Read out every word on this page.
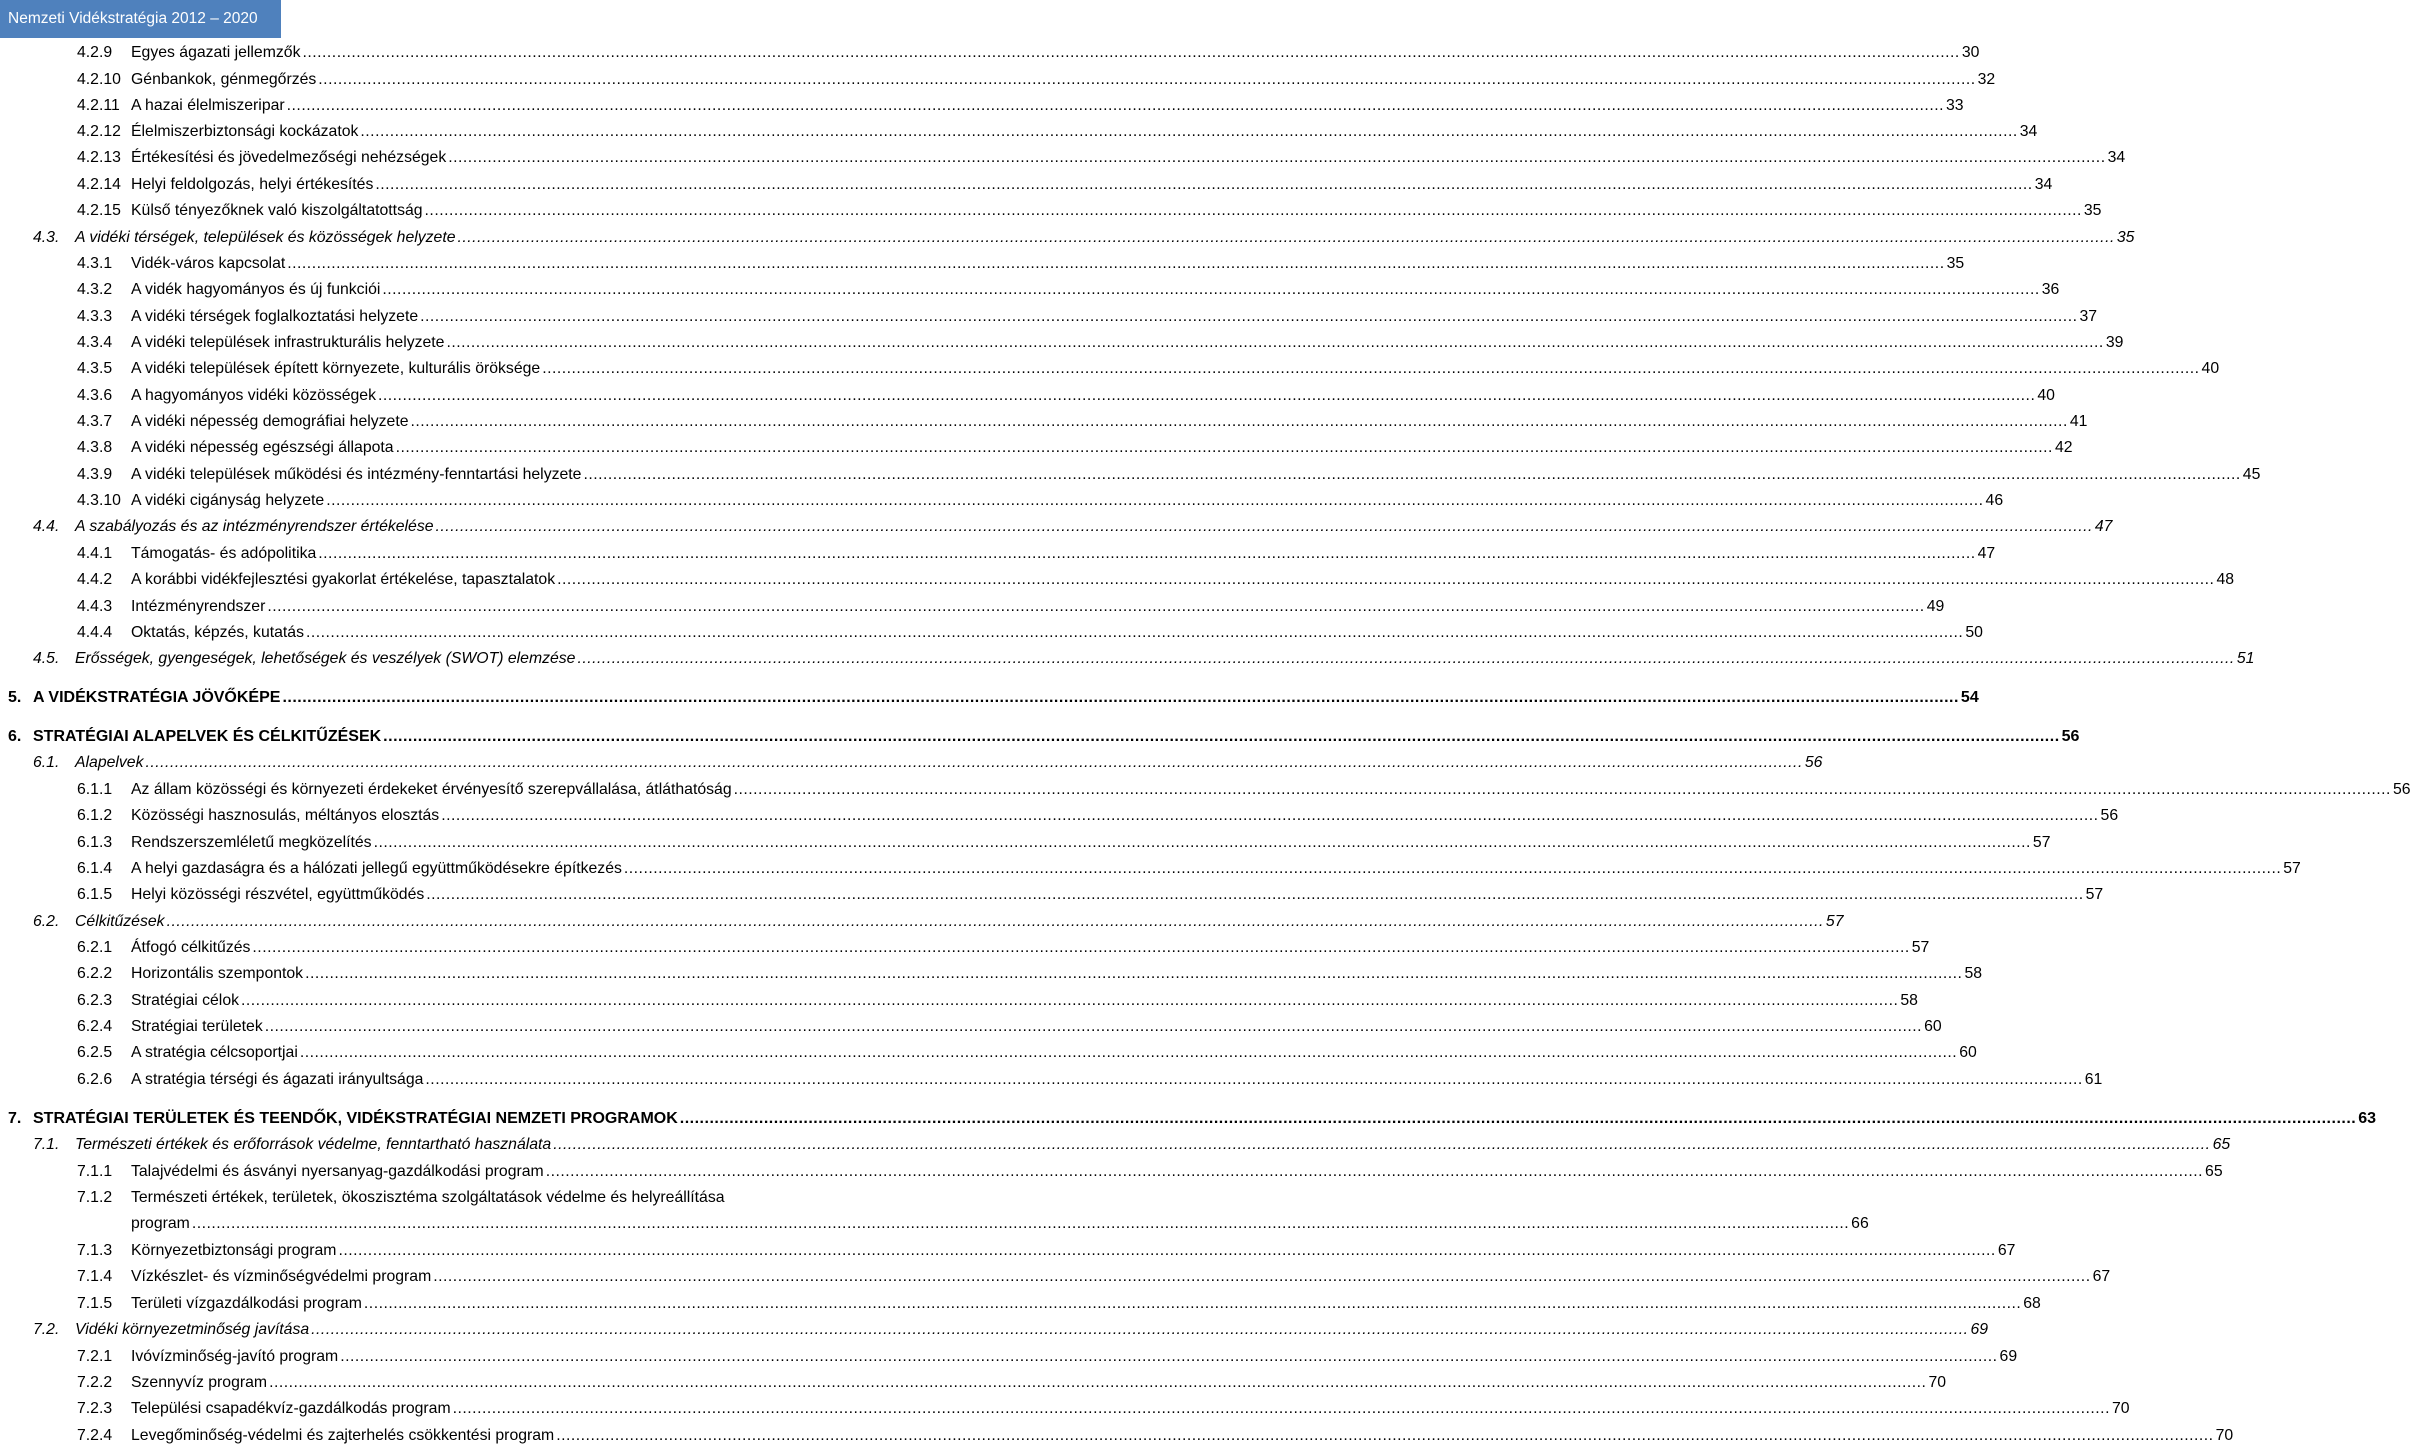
Nemzeti Vidékstratégia 2012 – 2020
4.2.9	Egyes ágazati jellemzők .....	30
4.2.10 Génbankok, génmegőrzés .....	32
4.2.11 A hazai élelmiszeripar .....	33
4.2.12 Élelmiszerbiztonsági kockázatok .....	34
4.2.13 Értékesítési és jövedelmezőségi nehézségek .....	34
4.2.14 Helyi feldolgozás, helyi értékesítés .....	34
4.2.15 Külső tényezőknek való kiszolgáltatottság .....	35
4.3. A vidéki térségek, települések és közösségek helyzete .....	35
4.3.1	Vidék-város kapcsolat .....	35
4.3.2	A vidék hagyományos és új funkciói .....	36
4.3.3	A vidéki térségek foglalkoztatási helyzete .....	37
4.3.4	A vidéki települések infrastrukturális helyzete .....	39
4.3.5	A vidéki települések épített környezete, kulturális öröksége .....	40
4.3.6	A hagyományos vidéki közösségek .....	40
4.3.7	A vidéki népesség demográfiai helyzete .....	41
4.3.8	A vidéki népesség egészségi állapota .....	42
4.3.9	A vidéki települések működési és intézmény-fenntartási helyzete .....	45
4.3.10 A vidéki cigányság helyzete .....	46
4.4. A szabályozás és az intézményrendszer értékelése .....	47
4.4.1	Támogatás- és adópolitika .....	47
4.4.2	A korábbi vidékfejlesztési gyakorlat értékelése, tapasztalatok .....	48
4.4.3	Intézményrendszer .....	49
4.4.4	Oktatás, képzés, kutatás .....	50
4.5. Erősségek, gyengeségek, lehetőségek és veszélyek (SWOT) elemzése .....	51
5. A VIDÉKSTRATÉGIA JÖVŐKÉPE .....	54
6. STRATÉGIAI ALAPELVEK ÉS CÉLKITŰZÉSEK .....	56
6.1. Alapelvek .....	56
6.1.1	Az állam közösségi és környezeti érdekeket érvényesítő szerepvállalása, átláthatóság .....	56
6.1.2	Közösségi hasznosulás, méltányos elosztás .....	56
6.1.3	Rendszerszemléletű megközelítés .....	57
6.1.4	A helyi gazdaságra és a hálózati jellegű együttműködésekre építkezés .....	57
6.1.5	Helyi közösségi részvétel, együttműködés .....	57
6.2. Célkitűzések .....	57
6.2.1	Átfogó célkitűzés .....	57
6.2.2	Horizontális szempontok .....	58
6.2.3	Stratégiai célok .....	58
6.2.4	Stratégiai területek .....	60
6.2.5	A stratégia célcsoportjai .....	60
6.2.6	A stratégia térségi és ágazati irányultsága .....	61
7. STRATÉGIAI TERÜLETEK ÉS TEENDŐK, VIDÉKSTRATÉGIAI NEMZETI PROGRAMOK .....	63
7.1. Természeti értékek és erőforrások védelme, fenntartható használata .....	65
7.1.1	Talajvédelmi és ásványi nyersanyag-gazdálkodási program .....	65
7.1.2	Természeti értékek, területek, ökoszisztéma szolgáltatások védelme és helyreállítása
program .....	66
7.1.3	Környezetbiztonsági program .....	67
7.1.4	Vízkészlet- és vízminőségvédelmi program .....	67
7.1.5	Területi vízgazdálkodási program .....	68
7.2. Vidéki környezetminőség javítása .....	69
7.2.1	Ivóvízminőség-javító program .....	69
7.2.2	Szennyvíz program .....	70
7.2.3	Települési csapadékvíz-gazdálkodás program .....	70
7.2.4	Levegőminőség-védelmi és zajterhelés csökkentési program .....	70
